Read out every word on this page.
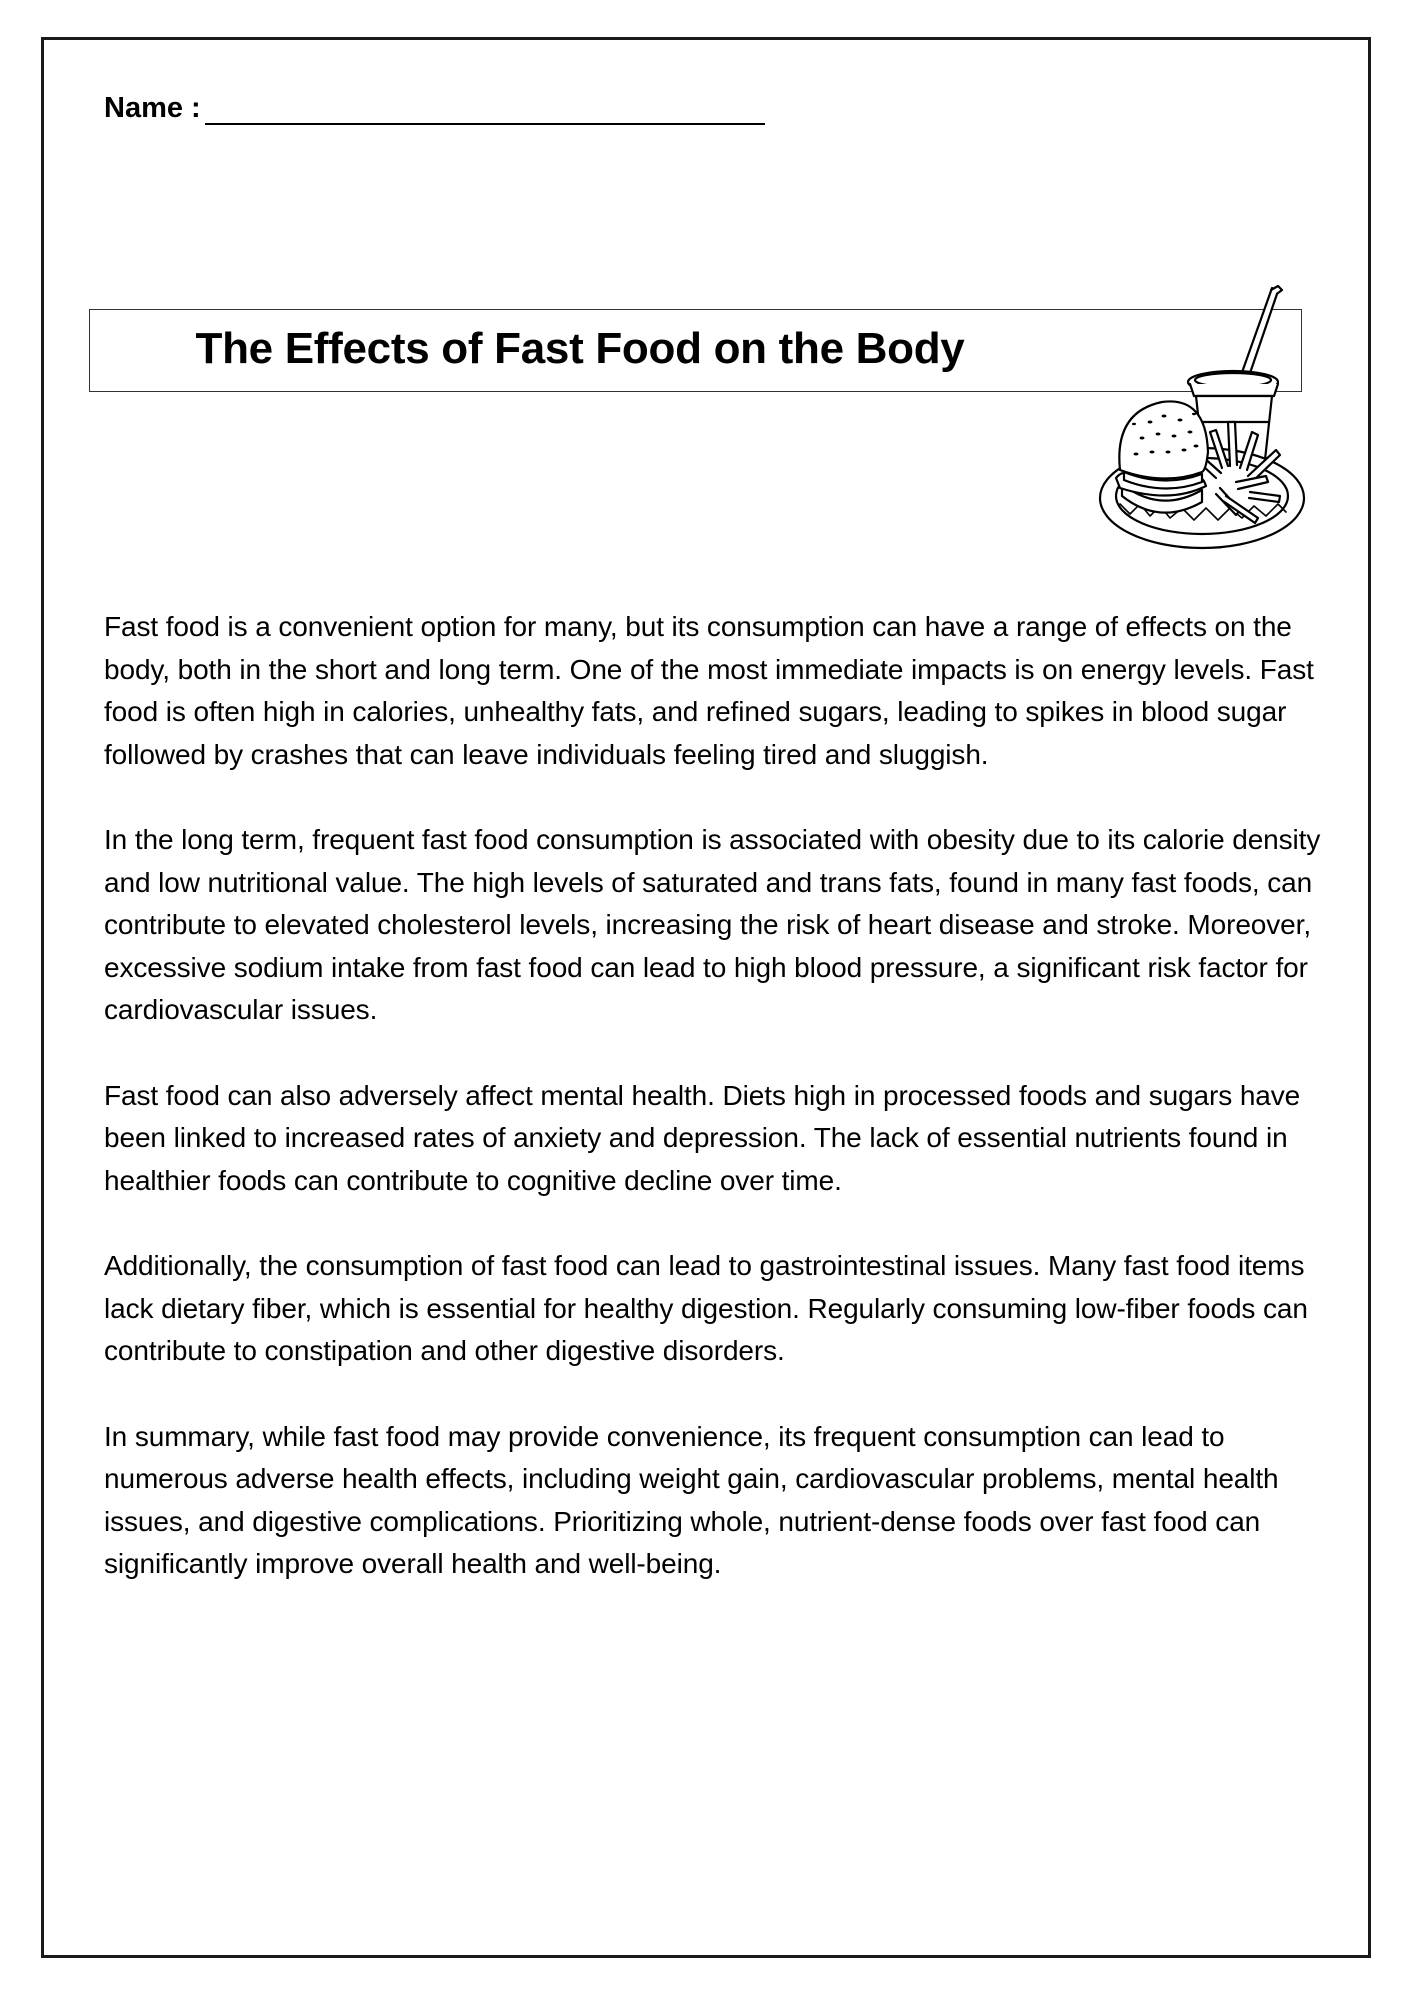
Name :
The Effects of Fast Food on the Body

Fast food is a convenient option for many, but its consumption can have a range of effects on the body, both in the short and long term. One of the most immediate impacts is on energy levels. Fast food is often high in calories, unhealthy fats, and refined sugars, leading to spikes in blood sugar followed by crashes that can leave individuals feeling tired and sluggish.

In the long term, frequent fast food consumption is associated with obesity due to its calorie density and low nutritional value. The high levels of saturated and trans fats, found in many fast foods, can contribute to elevated cholesterol levels, increasing the risk of heart disease and stroke. Moreover, excessive sodium intake from fast food can lead to high blood pressure, a significant risk factor for cardiovascular issues.

Fast food can also adversely affect mental health. Diets high in processed foods and sugars have been linked to increased rates of anxiety and depression. The lack of essential nutrients found in healthier foods can contribute to cognitive decline over time.

Additionally, the consumption of fast food can lead to gastrointestinal issues. Many fast food items lack dietary fiber, which is essential for healthy digestion. Regularly consuming low-fiber foods can contribute to constipation and other digestive disorders.

In summary, while fast food may provide convenience, its frequent consumption can lead to numerous adverse health effects, including weight gain, cardiovascular problems, mental health issues, and digestive complications. Prioritizing whole, nutrient-dense foods over fast food can significantly improve overall health and well-being.
